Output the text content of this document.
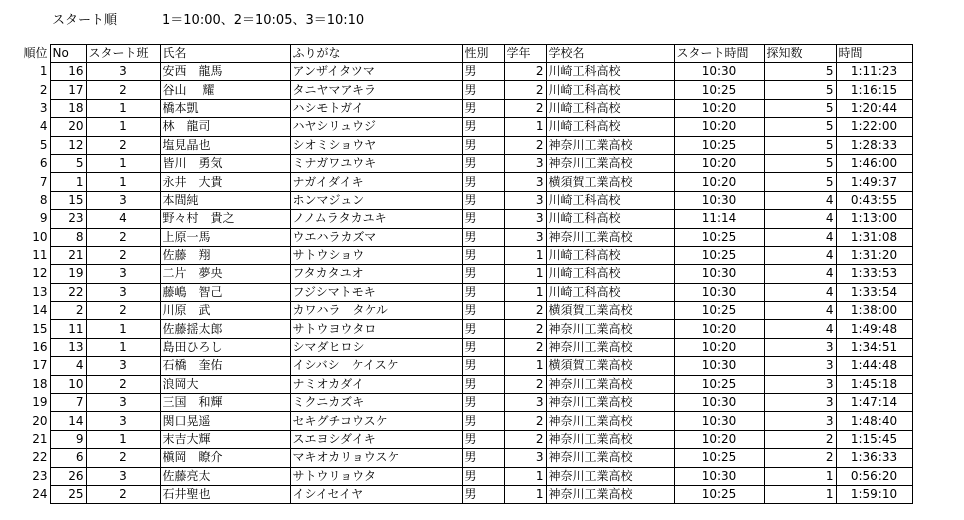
スタート順	1＝10:00、2＝10:05、3＝10:10
順位	No	スタート班	氏名	ふりがな	性別	学年	学校名	スタート時間	探知数	時間
1	16	3	安西　龍馬	アンザイタツマ	男	2	川崎工科高校	10:30	5	1:11:23
2	17	2	谷山　 耀	タニヤマアキラ	男	2	川崎工科高校	10:25	5	1:16:15
3	18	1	橋本凱	ハシモトガイ	男	2	川崎工科高校	10:20	5	1:20:44
4	20	1	林　龍司	ハヤシリュウジ	男	1	川崎工科高校	10:20	5	1:22:00
5	12	2	塩見晶也	シオミショウヤ	男	2	神奈川工業高校	10:25	5	1:28:33
6	5	1	皆川　勇気	ミナガワユウキ	男	3	神奈川工業高校	10:20	5	1:46:00
7	1	1	永井　大貴	ナガイダイキ	男	3	横須賀工業高校	10:20	5	1:49:37
8	15	3	本間純	ホンマジュン	男	3	川崎工科高校	10:30	4	0:43:55
9	23	4	野々村　貴之	ノノムラタカユキ	男	3	川崎工科高校	11:14	4	1:13:00
10	8	2	上原一馬	ウエハラカズマ	男	3	神奈川工業高校	10:25	4	1:31:08
11	21	2	佐藤　翔	サトウショウ	男	1	川崎工科高校	10:25	4	1:31:20
12	19	3	二片　夢央	フタカタユオ	男	1	川崎工科高校	10:30	4	1:33:53
13	22	3	藤嶋　智己	フジシマトモキ	男	1	川崎工科高校	10:30	4	1:33:54
14	2	2	川原　武	カワハラ　タケル	男	2	横須賀工業高校	10:25	4	1:38:00
15	11	1	佐藤揺太郎	サトウヨウタロ	男	2	神奈川工業高校	10:20	4	1:49:48
16	13	1	島田ひろし	シマダヒロシ	男	2	神奈川工業高校	10:20	3	1:34:51
17	4	3	石橋　奎佑	イシバシ　ケイスケ	男	1	横須賀工業高校	10:30	3	1:44:48
18	10	2	浪岡大	ナミオカダイ	男	2	神奈川工業高校	10:25	3	1:45:18
19	7	3	三国　和輝	ミクニカズキ	男	3	神奈川工業高校	10:30	3	1:47:14
20	14	3	関口晃遥	セキグチコウスケ	男	2	神奈川工業高校	10:30	3	1:48:40
21	9	1	末吉大輝	スエヨシダイキ	男	2	神奈川工業高校	10:20	2	1:15:45
22	6	2	槇岡　瞭介	マキオカリョウスケ	男	3	神奈川工業高校	10:25	2	1:36:33
23	26	3	佐藤亮太	サトウリョウタ	男	1	神奈川工業高校	10:30	1	0:56:20
24	25	2	石井聖也	イシイセイヤ	男	1	神奈川工業高校	10:25	1	1:59:10
